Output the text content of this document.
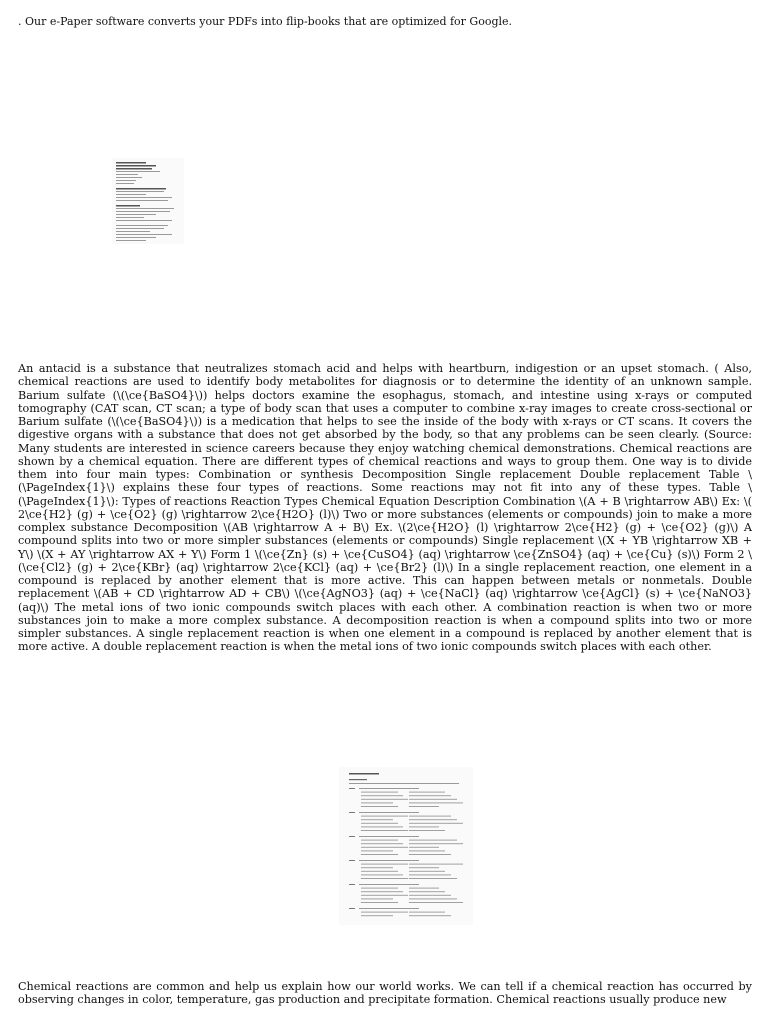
. Our e-Paper software converts your PDFs into flip-books that are optimized for Google.

An antacid is a substance that neutralizes stomach acid and helps with heartburn, indigestion or an upset stomach. ( Also, chemical reactions are used to identify body metabolites for diagnosis or to determine the identity of an unknown sample. Barium sulfate (\(\ce{BaSO4}\)) helps doctors examine the esophagus, stomach, and intestine using x-rays or computed tomography (CAT scan, CT scan; a type of body scan that uses a computer to combine x-ray images to create cross-sectional or Barium sulfate (\(\ce{BaSO4}\)) is a medication that helps to see the inside of the body with x-rays or CT scans. It covers the digestive organs with a substance that does not get absorbed by the body, so that any problems can be seen clearly. (Source: Many students are interested in science careers because they enjoy watching chemical demonstrations. Chemical reactions are shown by a chemical equation. There are different types of chemical reactions and ways to group them. One way is to divide them into four main types: Combination or synthesis Decomposition Single replacement Double replacement Table \(\PageIndex{1}\) explains these four types of reactions. Some reactions may not fit into any of these types. Table \(\PageIndex{1}\): Types of reactions Reaction Types Chemical Equation Description Combination \(A + B \rightarrow AB\) Ex: \( 2\ce{H2} (g) + \ce{O2} (g) \rightarrow 2\ce{H2O} (l)\) Two or more substances (elements or compounds) join to make a more complex substance Decomposition \(AB \rightarrow A + B\) Ex. \(2\ce{H2O} (l) \rightarrow 2\ce{H2} (g) + \ce{O2} (g)\) A compound splits into two or more simpler substances (elements or compounds) Single replacement \(X + YB \rightarrow XB + Y\) \(X + AY \rightarrow AX + Y\) Form 1 \(\ce{Zn} (s) + \ce{CuSO4} (aq) \rightarrow \ce{ZnSO4} (aq) + \ce{Cu} (s)\) Form 2 \(\ce{Cl2} (g) + 2\ce{KBr} (aq) \rightarrow 2\ce{KCl} (aq) + \ce{Br2} (l)\) In a single replacement reaction, one element in a compound is replaced by another element that is more active. This can happen between metals or nonmetals. Double replacement \(AB + CD \rightarrow AD + CB\) \(\ce{AgNO3} (aq) + \ce{NaCl} (aq) \rightarrow \ce{AgCl} (s) + \ce{NaNO3} (aq)\) The metal ions of two ionic compounds switch places with each other. A combination reaction is when two or more substances join to make a more complex substance. A decomposition reaction is when a compound splits into two or more simpler substances. A single replacement reaction is when one element in a compound is replaced by another element that is more active. A double replacement reaction is when the metal ions of two ionic compounds switch places with each other.

Chemical reactions are common and help us explain how our world works. We can tell if a chemical reaction has occurred by observing changes in color, temperature, gas production and precipitate formation. Chemical reactions usually produce new
